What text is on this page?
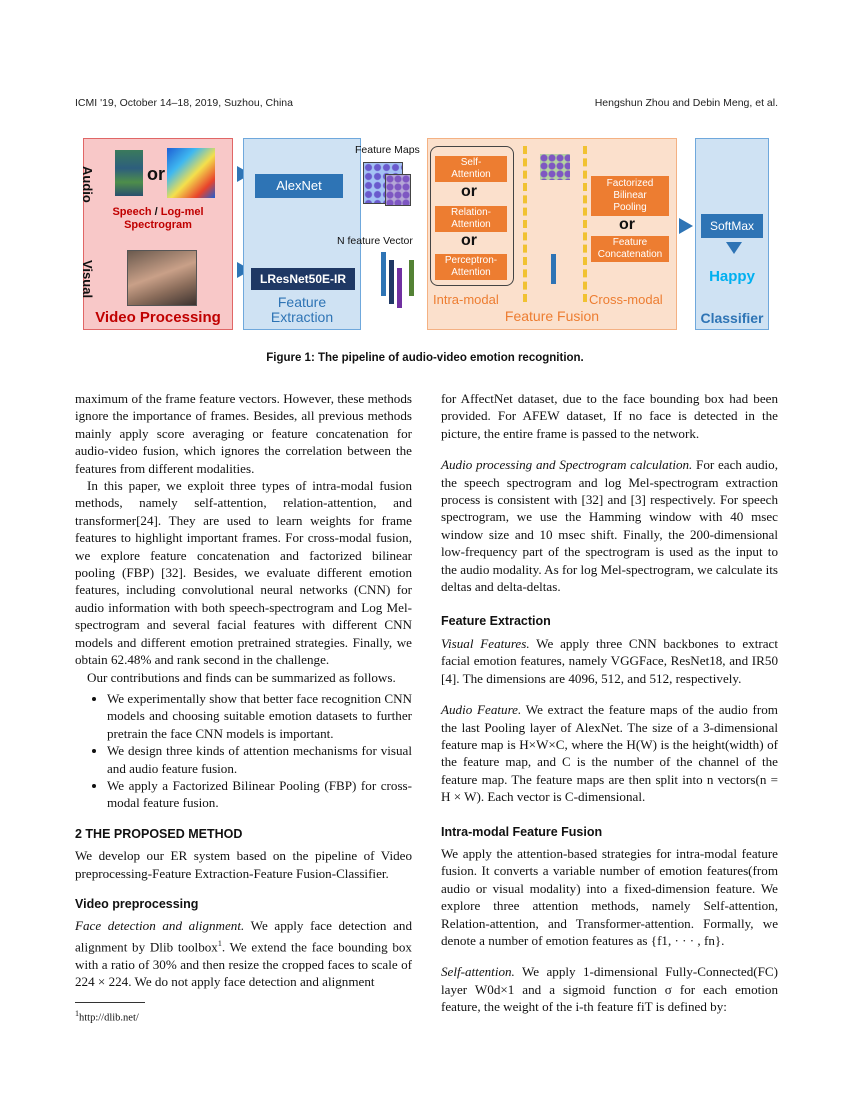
ICMI '19, October 14–18, 2019, Suzhou, China	Hengshun Zhou and Debin Meng, et al.
Audio
Visual
or
Speech / Log-mel
Spectrogram
Video Processing
AlexNet
LResNet50E-IR
Feature
Extraction
Feature Maps
N feature Vector
Self-
Attention
or
Relation-
Attention
or
Perceptron-
Attention
Intra-modal	Cross-modal
Feature Fusion
Factorized
Bilinear
Pooling
or
Feature
Concatenation
SoftMax
Happy
Classifier
Figure 1: The pipeline of audio-video emotion recognition.

maximum of the frame feature vectors. However, these methods ignore the importance of frames. Besides, all previous methods mainly apply score averaging or feature concatenation for audio-video fusion, which ignores the correlation between the features from different modalities.

In this paper, we exploit three types of intra-modal fusion methods, namely self-attention, relation-attention, and transformer[24]. They are used to learn weights for frame features to highlight important frames. For cross-modal fusion, we explore feature concatenation and factorized bilinear pooling (FBP) [32]. Besides, we evaluate different emotion features, including convolutional neural networks (CNN) for audio information with both speech-spectrogram and Log Mel-spectrogram and several facial features with different CNN models and different emotion pretrained strategies. Finally, we obtain 62.48% and rank second in the challenge.

Our contributions and finds can be summarized as follows.

• We experimentally show that better face recognition CNN models and choosing suitable emotion datasets to further pretrain the face CNN models is important.
• We design three kinds of attention mechanisms for visual and audio feature fusion.
• We apply a Factorized Bilinear Pooling (FBP) for cross-modal feature fusion.

2 THE PROPOSED METHOD

We develop our ER system based on the pipeline of Video preprocessing-Feature Extraction-Feature Fusion-Classifier.

Video preprocessing

Face detection and alignment. We apply face detection and alignment by Dlib toolbox$^1$. We extend the face bounding box with a ratio of 30% and then resize the cropped faces to scale of 224 × 224. We do not apply face detection and alignment

$^1$http://dlib.net/

for AffectNet dataset, due to the face bounding box had been provided. For AFEW dataset, If no face is detected in the picture, the entire frame is passed to the network.

Audio processing and Spectrogram calculation. For each audio, the speech spectrogram and log Mel-spectrogram extraction process is consistent with [32] and [3] respectively. For speech spectrogram, we use the Hamming window with 40 msec window size and 10 msec shift. Finally, the 200-dimensional low-frequency part of the spectrogram is used as the input to the audio modality. As for log Mel-spectrogram, we calculate its deltas and delta-deltas.

Feature Extraction

Visual Features. We apply three CNN backbones to extract facial emotion features, namely VGGFace, ResNet18, and IR50 [4]. The dimensions are 4096, 512, and 512, respectively.

Audio Feature. We extract the feature maps of the audio from the last Pooling layer of AlexNet. The size of a 3-dimensional feature map is H×W×C, where the H(W) is the height(width) of the feature map, and C is the number of the channel of the feature map. The feature maps are then split into n vectors(n = H × W). Each vector is C-dimensional.

Intra-modal Feature Fusion

We apply the attention-based strategies for intra-modal feature fusion. It converts a variable number of emotion features(from audio or visual modality) into a fixed-dimension feature. We explore three attention methods, namely Self-attention, Relation-attention, and Transformer-attention. Formally, we denote a number of emotion features as {f1, · · · , fn}.

Self-attention. We apply 1-dimensional Fully-Connected(FC) layer W0d×1 and a sigmoid function σ for each emotion feature, the weight of the i-th feature fiT is defined by:
